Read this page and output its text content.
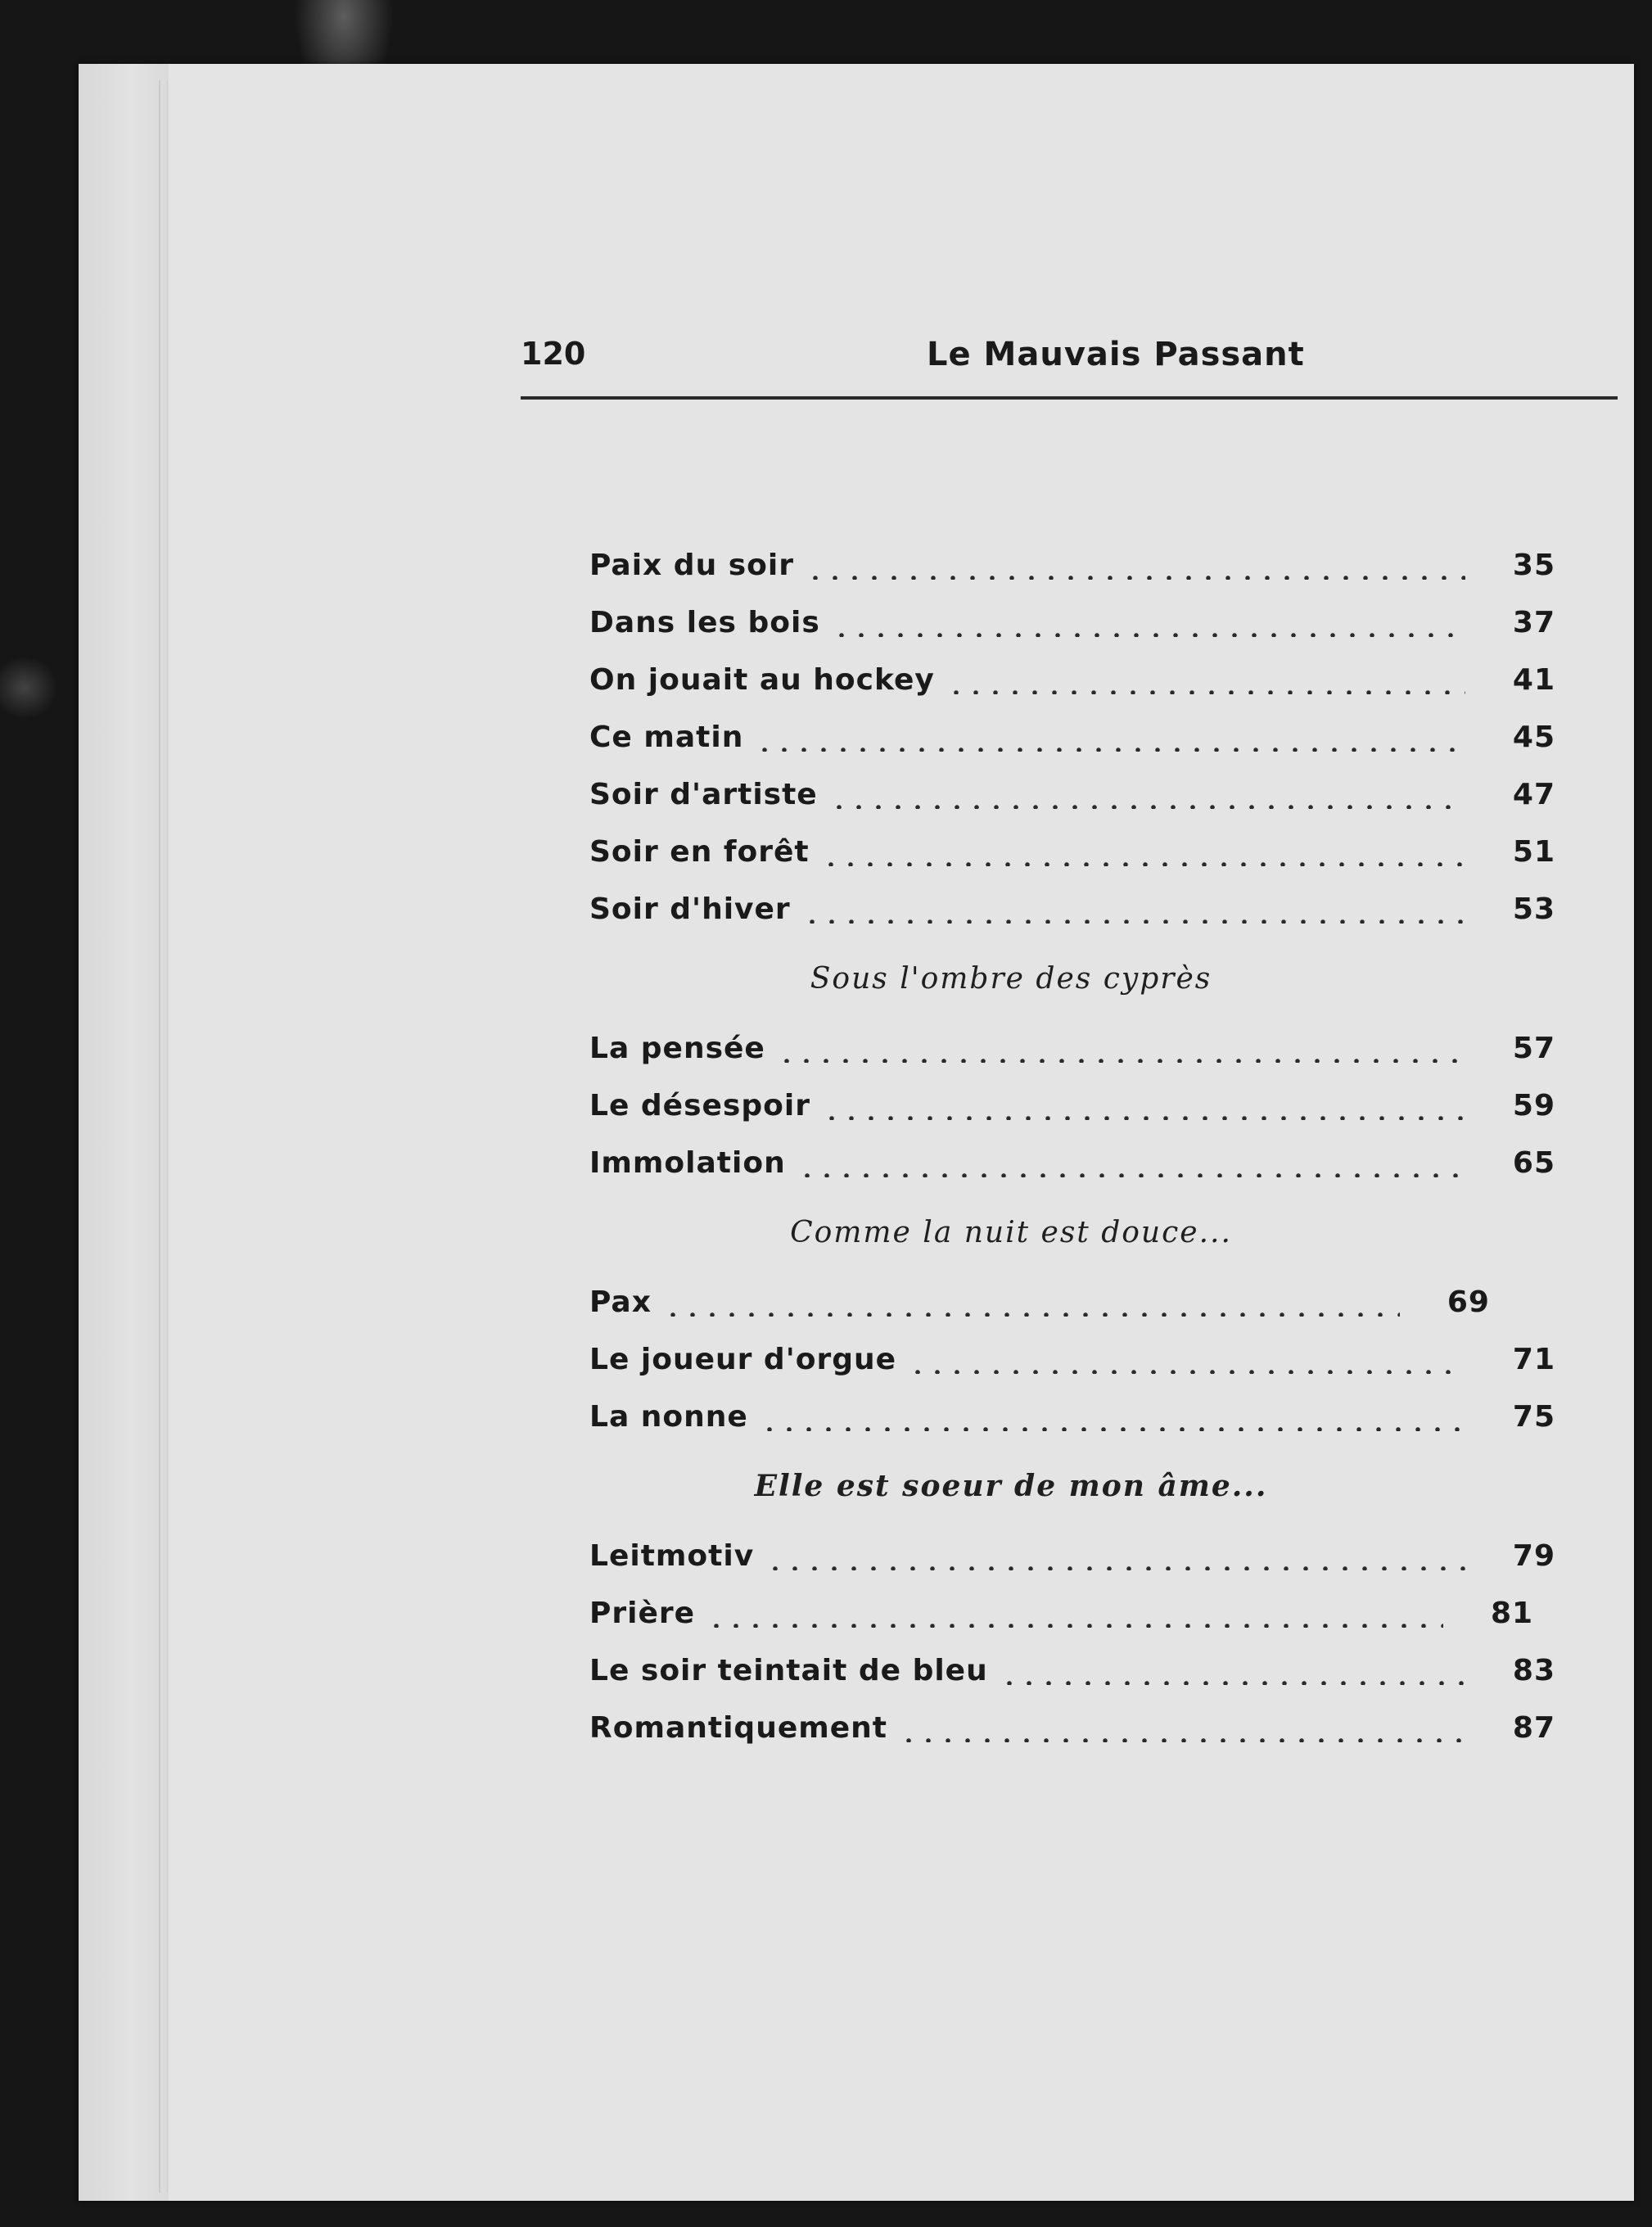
120	Le Mauvais Passant
Paix du soir	35
Dans les bois	37
On jouait au hockey	41
Ce matin	45
Soir d'artiste	47
Soir en forêt	51
Soir d'hiver	53
Sous l'ombre des cyprès
La pensée	57
Le désespoir	59
Immolation	65
Comme la nuit est douce...
Pax	69
Le joueur d'orgue	71
La nonne	75
Elle est soeur de mon âme...
Leitmotiv	79
Prière	81
Le soir teintait de bleu	83
Romantiquement	87
